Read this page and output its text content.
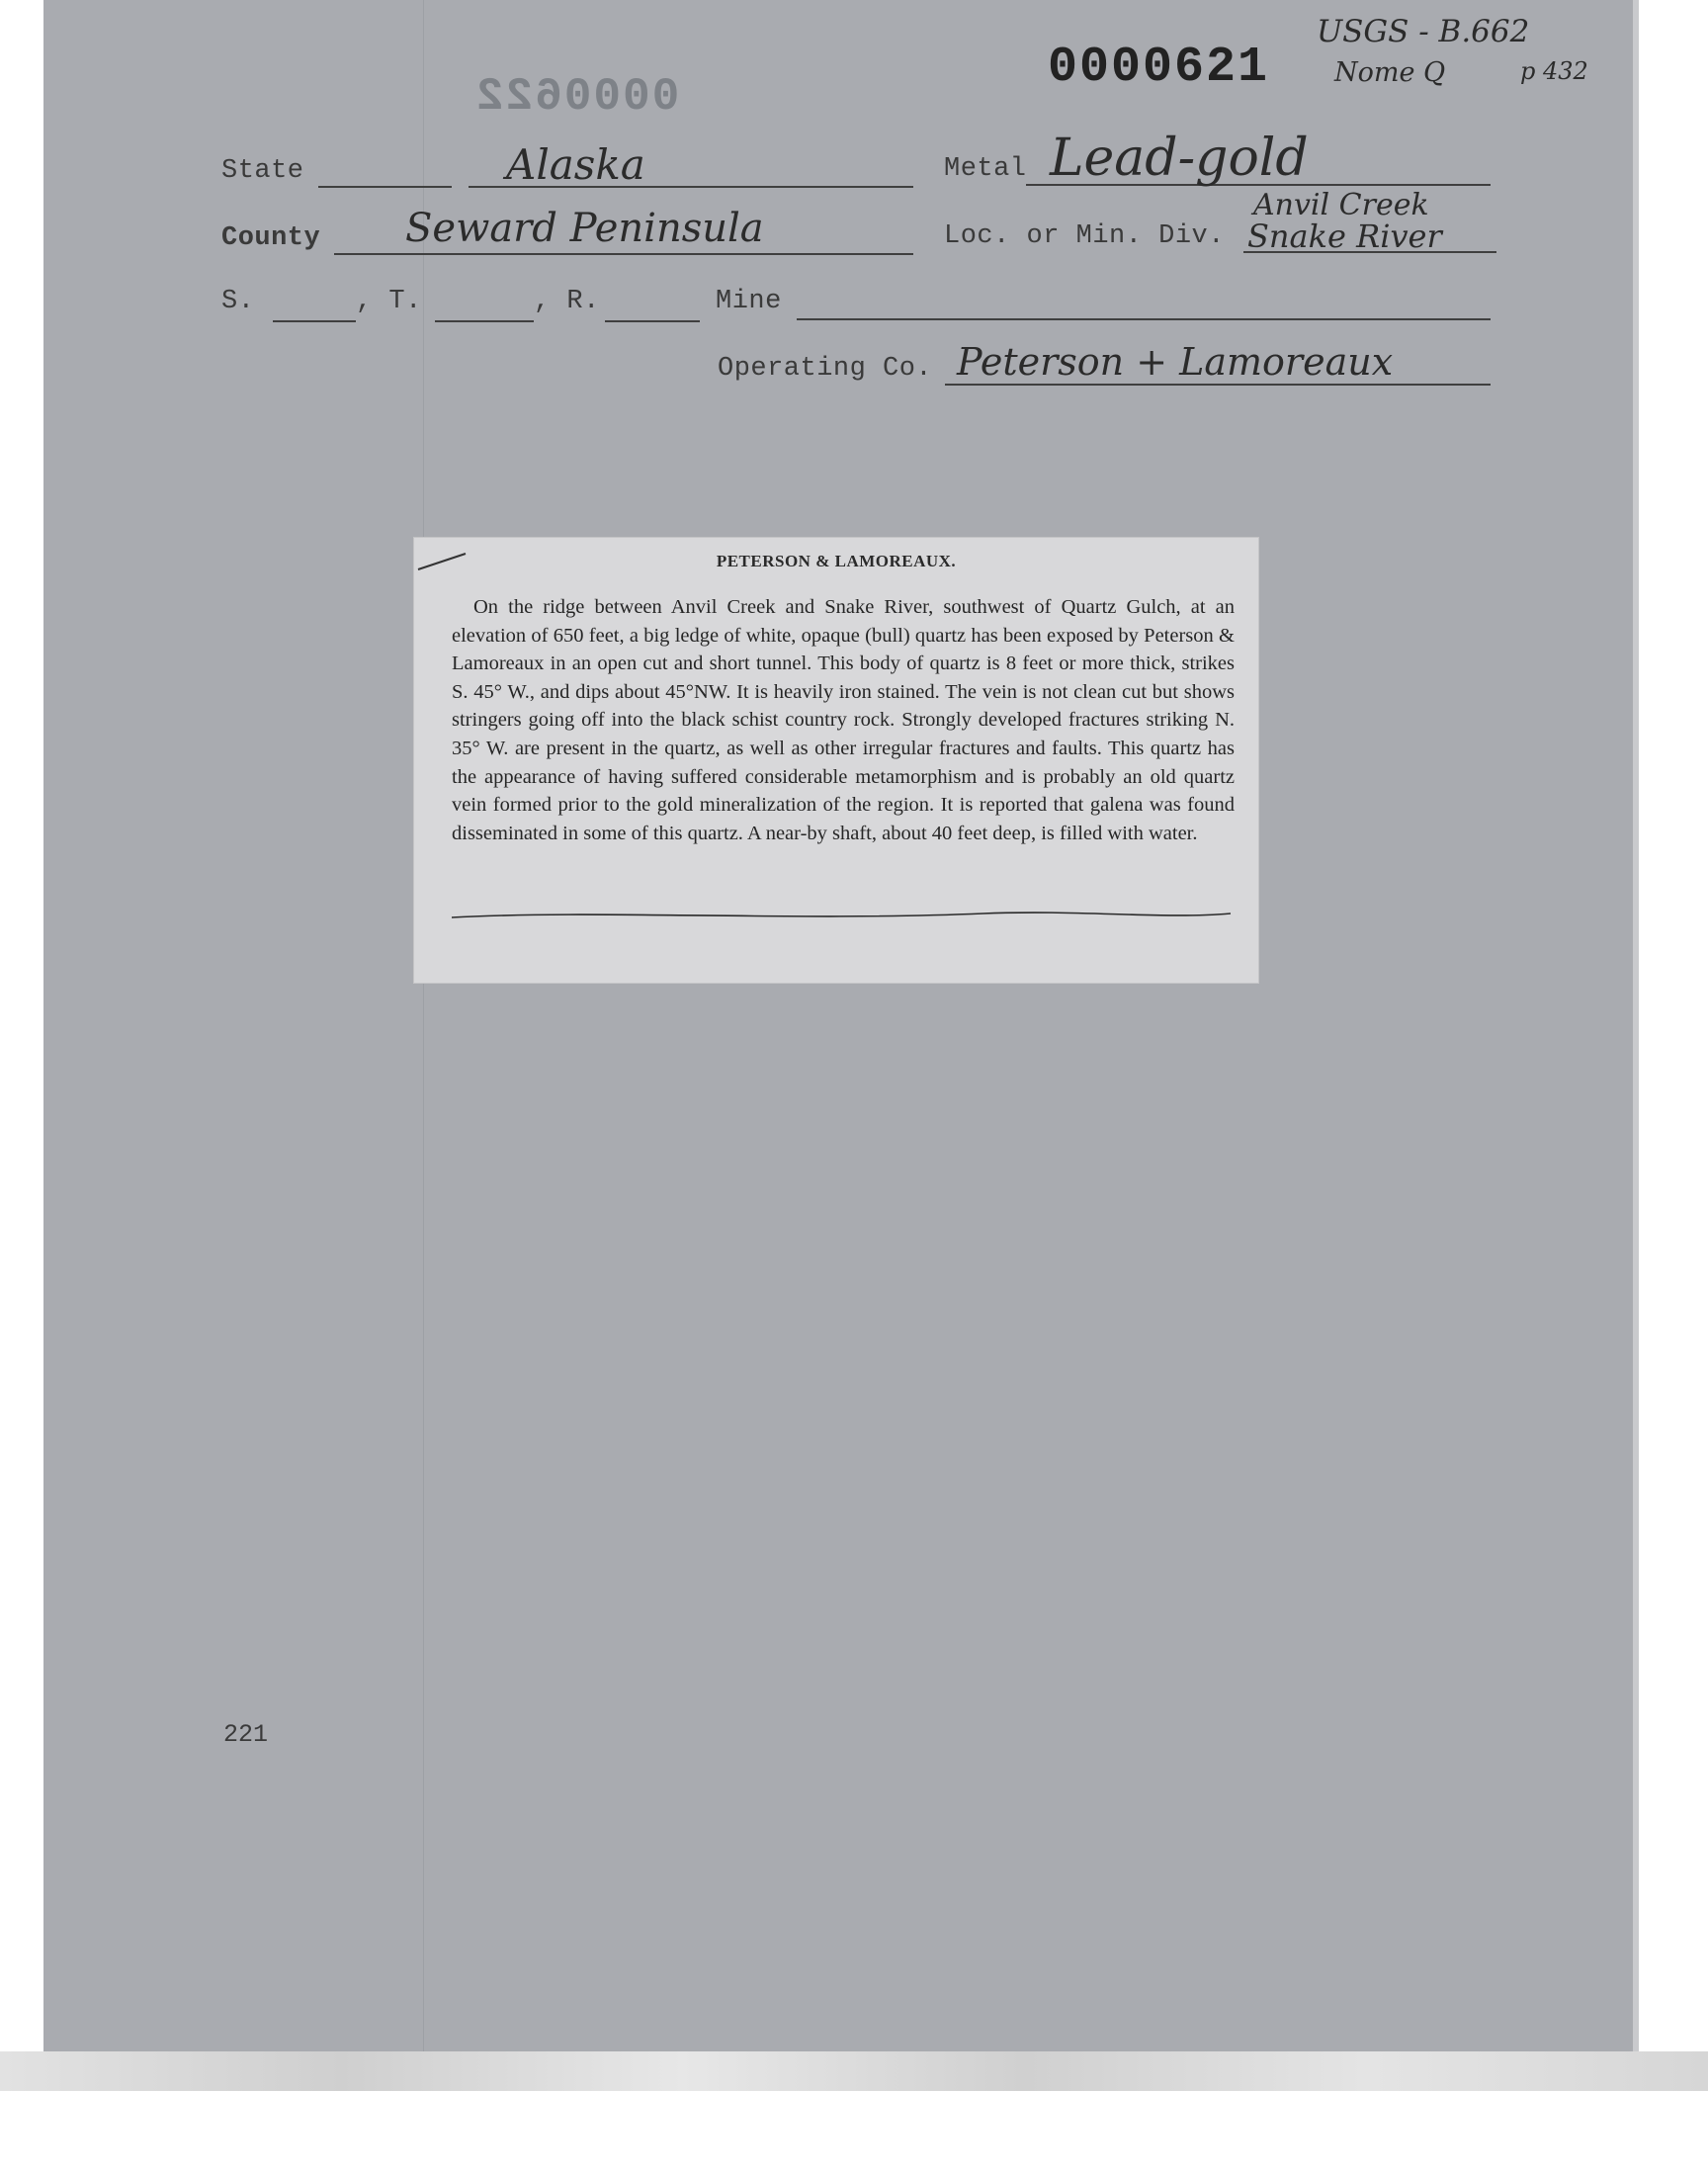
0000622
0000621
USGS - B.662
Nome Q	p 432
State	Alaska	Metal Lead-gold
County Seward Peninsula	Loc. or Min. Div.
Anvil Creek
Snake River
S.	, T.	, R.	Mine
Operating Co. Peterson + Lamoreaux
PETERSON & LAMOREAUX.
On the ridge between Anvil Creek and Snake River, southwest of Quartz Gulch, at an elevation of 650 feet, a big ledge of white, opaque (bull) quartz has been exposed by Peterson & Lamoreaux in an open cut and short tunnel. This body of quartz is 8 feet or more thick, strikes S. 45° W., and dips about 45°NW. It is heavily iron stained. The vein is not clean cut but shows stringers going off into the black schist country rock. Strongly developed fractures striking N. 35° W. are present in the quartz, as well as other irregular fractures and faults. This quartz has the appearance of having suffered considerable metamorphism and is probably an old quartz vein formed prior to the gold mineralization of the region. It is reported that galena was found disseminated in some of this quartz. A near-by shaft, about 40 feet deep, is filled with water.
221
